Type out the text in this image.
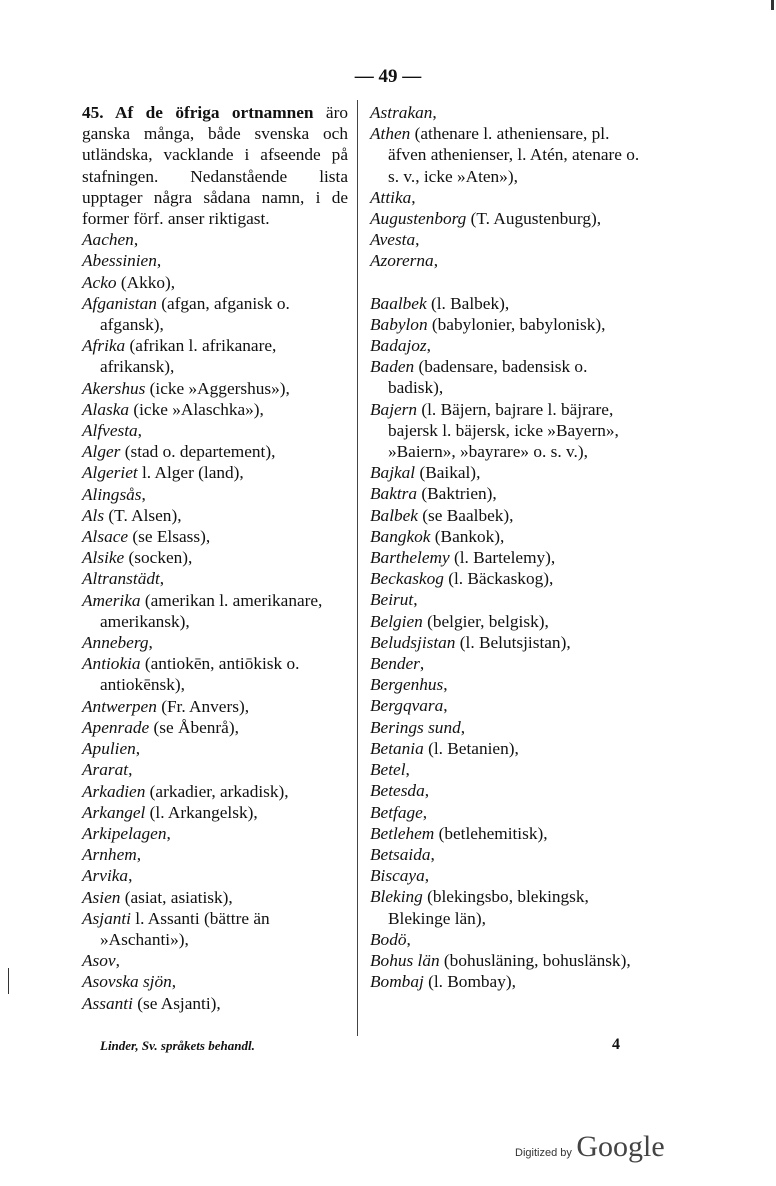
— 49 —
45. Af de öfriga ortnamnen äro ganska många, både svenska och utländska, vacklande i afseende på stafningen. Nedanstående lista upptager några sådana namn, i de former förf. anser riktigast.

Aachen,

Abessinien,

Acko (Akko),

Afganistan (afgan, afganisk o. afgansk),

Afrika (afrikan l. afrikanare, afrikansk),

Akershus (icke »Aggershus»),

Alaska (icke »Alaschka»),

Alfvesta,

Alger (stad o. departement),

Algeriet l. Alger (land),

Alingsås,

Als (T. Alsen),

Alsace (se Elsass),

Alsike (socken),

Altranstädt,

Amerika (amerikan l. amerikanare, amerikansk),

Anneberg,

Antiokia (antiokēn, antiōkisk o. antiokēnsk),

Antwerpen (Fr. Anvers),

Apenrade (se Åbenrå),

Apulien,

Ararat,

Arkadien (arkadier, arkadisk),

Arkangel (l. Arkangelsk),

Arkipelagen,

Arnhem,

Arvika,

Asien (asiat, asiatisk),

Asjanti l. Assanti (bättre än »Aschanti»),

Asov,

Asovska sjön,

Assanti (se Asjanti),

Astrakan,

Athen (athenare l. atheniensare, pl. äfven athenienser, l. Atén, atenare o. s. v., icke »Aten»),

Attika,

Augustenborg (T. Augustenburg),

Avesta,

Azorerna,

Baalbek (l. Balbek),

Babylon (babylonier, babylonisk),

Badajoz,

Baden (badensare, badensisk o. badisk),

Bajern (l. Bäjern, bajrare l. bäjrare, bajersk l. bäjersk, icke »Bayern», »Baiern», »bayrare» o. s. v.),

Bajkal (Baikal),

Baktra (Baktrien),

Balbek (se Baalbek),

Bangkok (Bankok),

Barthelemy (l. Bartelemy),

Beckaskog (l. Bäckaskog),

Beirut,

Belgien (belgier, belgisk),

Beludsjistan (l. Belutsjistan),

Bender,

Bergenhus,

Bergqvara,

Berings sund,

Betania (l. Betanien),

Betel,

Betesda,

Betfage,

Betlehem (betlehemitisk),

Betsaida,

Biscaya,

Bleking (blekingsbo, blekingsk, Blekinge län),

Bodö,

Bohus län (bohusläning, bohuslänsk),

Bombaj (l. Bombay),

Linder, Sv. språkets behandl.	4
Digitized by Google
